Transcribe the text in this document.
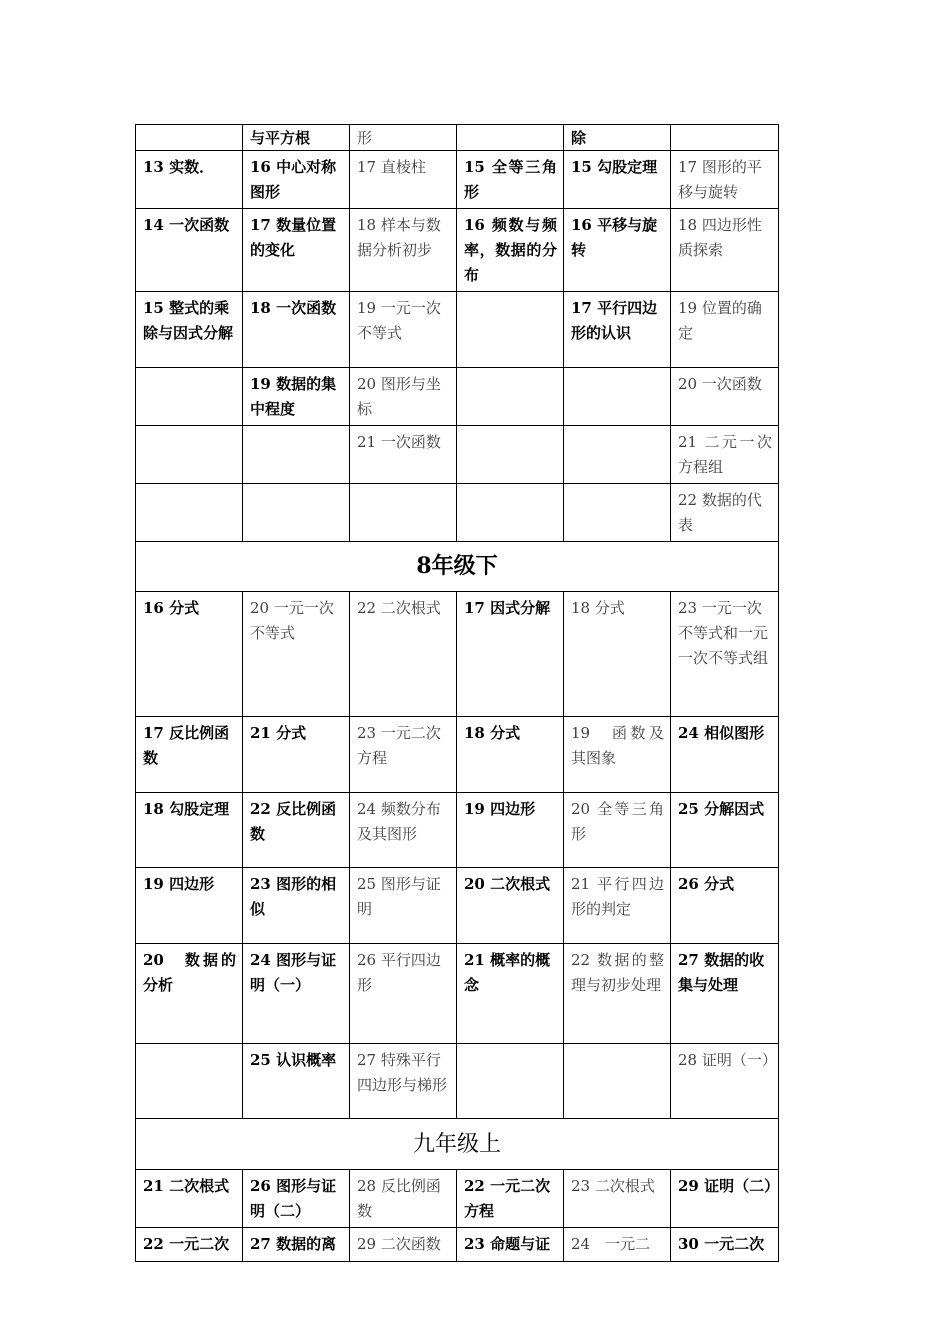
	与平方根	形		除	
13 实数．	16 中心对称图形	17 直棱柱	15 全等三角形	15 勾股定理	17 图形的平移与旋转
14 一次函数	17 数量位置的变化	18 样本与数据分析初步	16 频数与频率，数据的分布	16 平移与旋转	18 四边形性质探索
15 整式的乘除与因式分解	18 一次函数	19 一元一次不等式		17 平行四边形的认识	19 位置的确定
	19 数据的集中程度	20 图形与坐标			20 一次函数
		21 一次函数			21 二元一次方程组
					22 数据的代表
8年级下					
16 分式	20 一元一次不等式	22 二次根式	17 因式分解	18 分式	23 一元一次不等式和一元一次不等式组
17 反比例函数	21 分式	23 一元二次方程	18 分式	19　函数及其图象	24 相似图形
18 勾股定理	22 反比例函数	24 频数分布及其图形	19 四边形	20 全等三角形	25 分解因式
19 四边形	23 图形的相似	25 图形与证明	20 二次根式	21 平行四边形的判定	26 分式
20　数据的分析	24 图形与证明（一）	26 平行四边形	21 概率的概念	22 数据的整理与初步处理	27 数据的收集与处理
	25 认识概率	27 特殊平行四边形与梯形			28 证明（一）
九年级上					
21 二次根式	26 图形与证明（二）	28 反比例函数	22 一元二次方程	23 二次根式	29 证明（二）
22 一元二次	27 数据的离	29 二次函数	23 命题与证	24　一元二	30 一元二次
